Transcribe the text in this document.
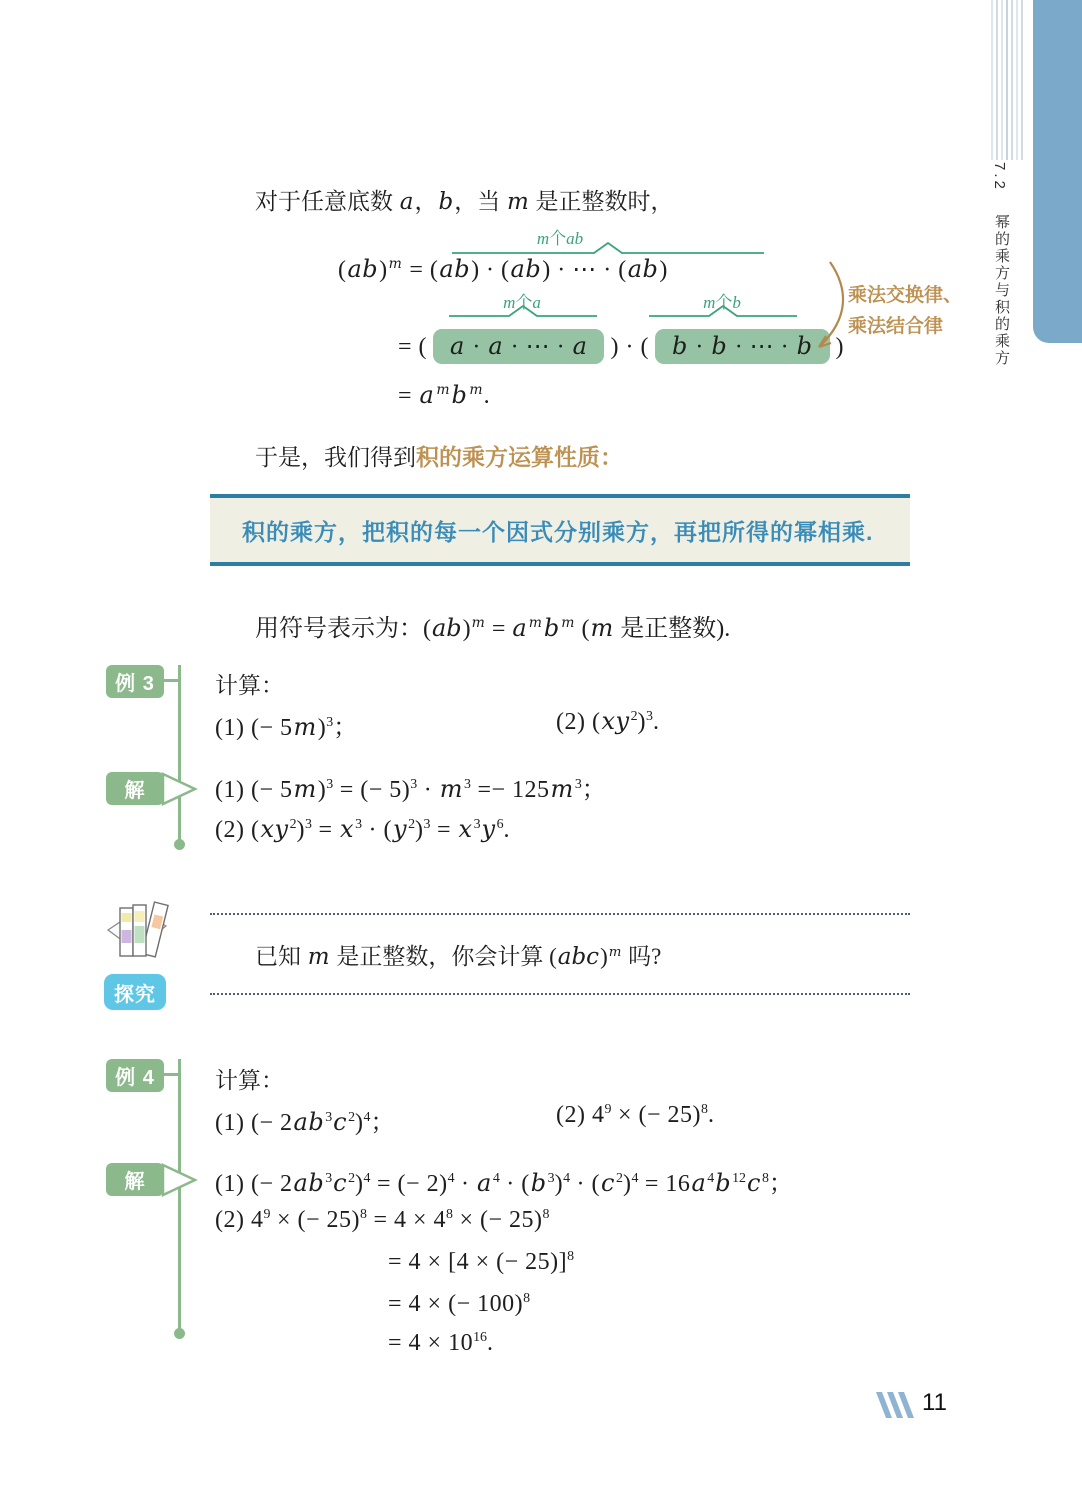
7.2
幂的乘方与积的乘方
对于任意底数 a，b，当 m 是正整数时，
m个ab
(ab)$^m$ = (ab) · (ab) · ⋯ · (ab)
m个a	m个b
= ( a · a · ⋯ · a ) · ( b · b · ⋯ · b )
= a $^m$b $^m$.
乘法交换律、
乘法结合律
于是，我们得到积的乘方运算性质：
积的乘方，把积的每一个因式分别乘方，再把所得的幂相乘.
用符号表示为：(ab)$^m$ = a $^m$b $^m$ (m 是正整数).
例 3	计算：
(1) (− 5m)$^3$；	(2) $(xy^2)^3$.
解	(1) (− 5m)$^3$ = (− $5)^3 \cdot m^3 =- 125m^3$；
(2) $(xy^2)^3 = x^3 \cdot (y^2)^3 = x^3y^6$.
已知 m 是正整数，你会计算 (abc)$^m$ 吗?
探究
例 4	计算：
(1) (− $2ab^3c^2)^4$；	(2) $4^9$ × (− 25)$^8$.
解	(1) (− $2ab^3c^2)^4$ = (− $2)^4 \cdot a^4 \cdot (b^3)^4 \cdot (c^2)^4 = 16a^4b^{12}c^8$；
(2) $4^9$ × (− $25)^8 = 4 \times 4^8$ × (− 25)$^8$
= 4 × [4 × (− 25)]$^8$
= 4 × (− 100)$^8$
= $4 \times 10^{16}$.
11
